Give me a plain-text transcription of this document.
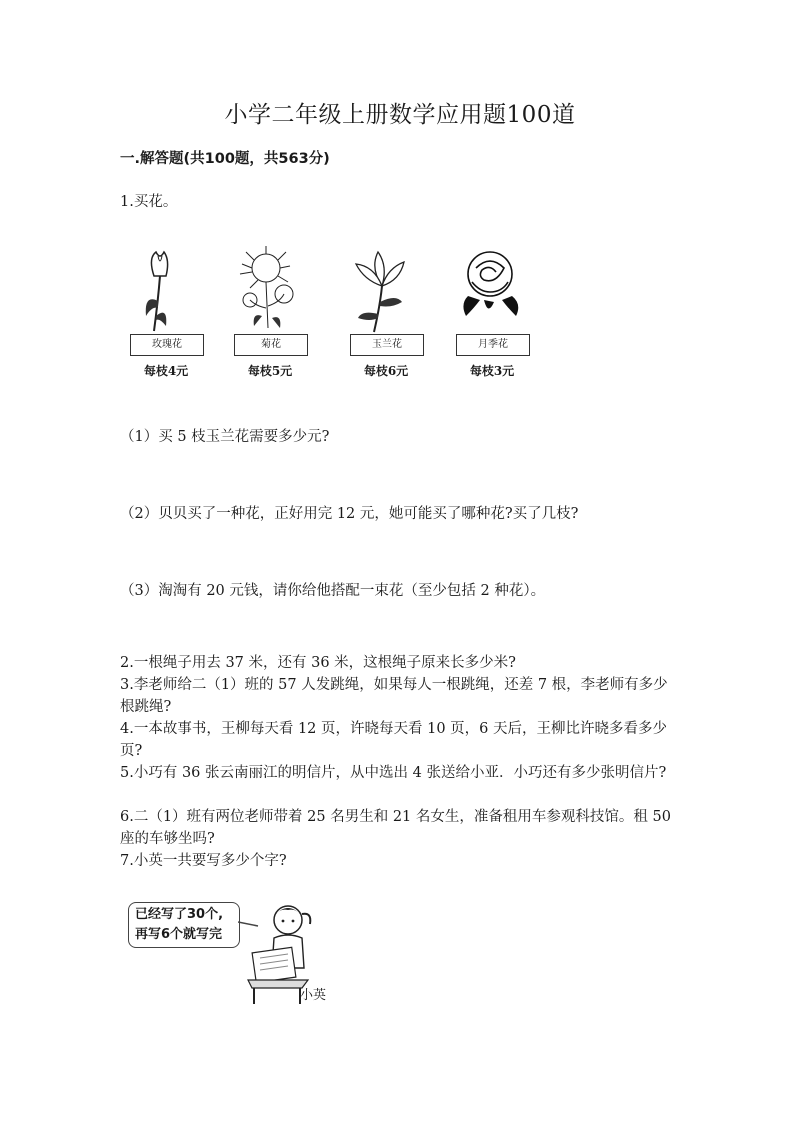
小学二年级上册数学应用题100道
一.解答题(共100题，共563分)
1.买花。
玫瑰花
每枝4元
菊花
每枝5元
玉兰花
每枝6元
月季花
每枝3元
（1）买 5 枝玉兰花需要多少元?
（2）贝贝买了一种花，正好用完 12 元，她可能买了哪种花?买了几枝?
（3）淘淘有 20 元钱，请你给他搭配一束花（至少包括 2 种花）。
2.一根绳子用去 37 米，还有 36 米，这根绳子原来长多少米?
3.李老师给二（1）班的 57 人发跳绳，如果每人一根跳绳，还差 7 根，李老师有多少根跳绳?
4.一本故事书，王柳每天看 12 页，许晓每天看 10 页，6 天后，王柳比许晓多看多少页?
5.小巧有 36 张云南丽江的明信片，从中选出 4 张送给小亚．小巧还有多少张明信片?
6.二（1）班有两位老师带着 25 名男生和 21 名女生，准备租用车参观科技馆。租 50 座的车够坐吗?
7.小英一共要写多少个字?
已经写了30个,
再写6个就写完
小英
